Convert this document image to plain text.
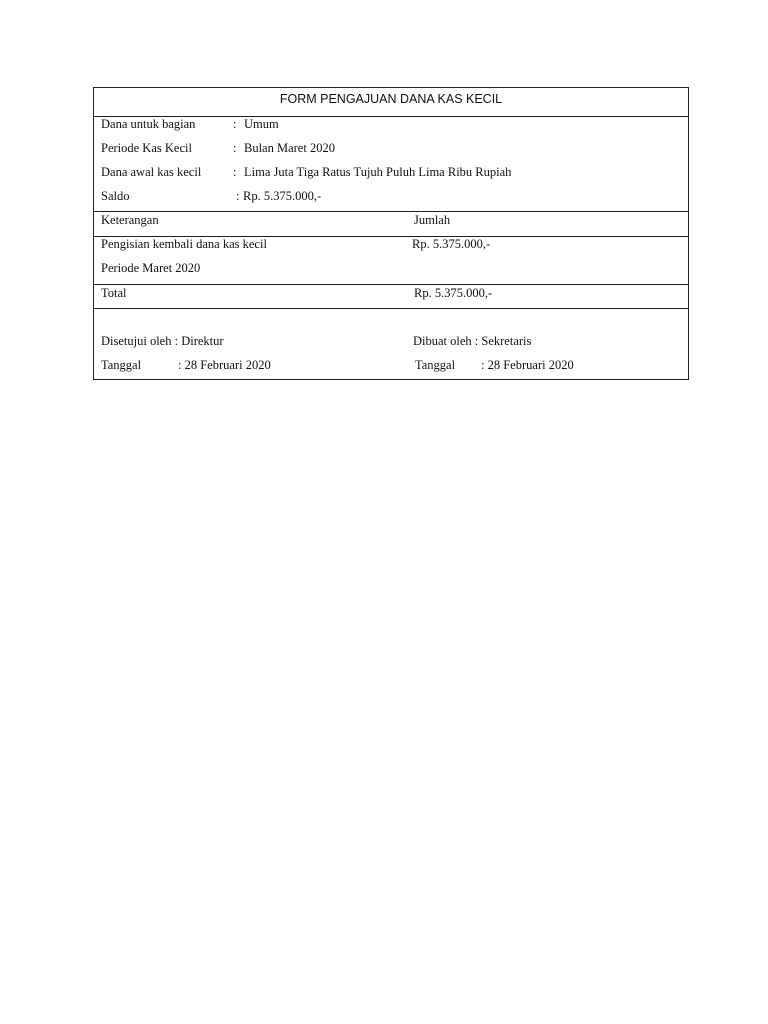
FORM PENGAJUAN DANA KAS KECIL
Dana untuk bagian	: Umum
Periode Kas Kecil	: Bulan Maret 2020
Dana awal kas kecil	: Lima Juta Tiga Ratus Tujuh Puluh Lima Ribu Rupiah
Saldo	: Rp. 5.375.000,-
Keterangan	Jumlah
Pengisian kembali dana kas kecil	Rp. 5.375.000,-
Periode Maret 2020
Total	Rp. 5.375.000,-
Disetujui oleh : Direktur	Dibuat oleh : Sekretaris
Tanggal	: 28 Februari 2020	Tanggal : 28 Februari 2020
